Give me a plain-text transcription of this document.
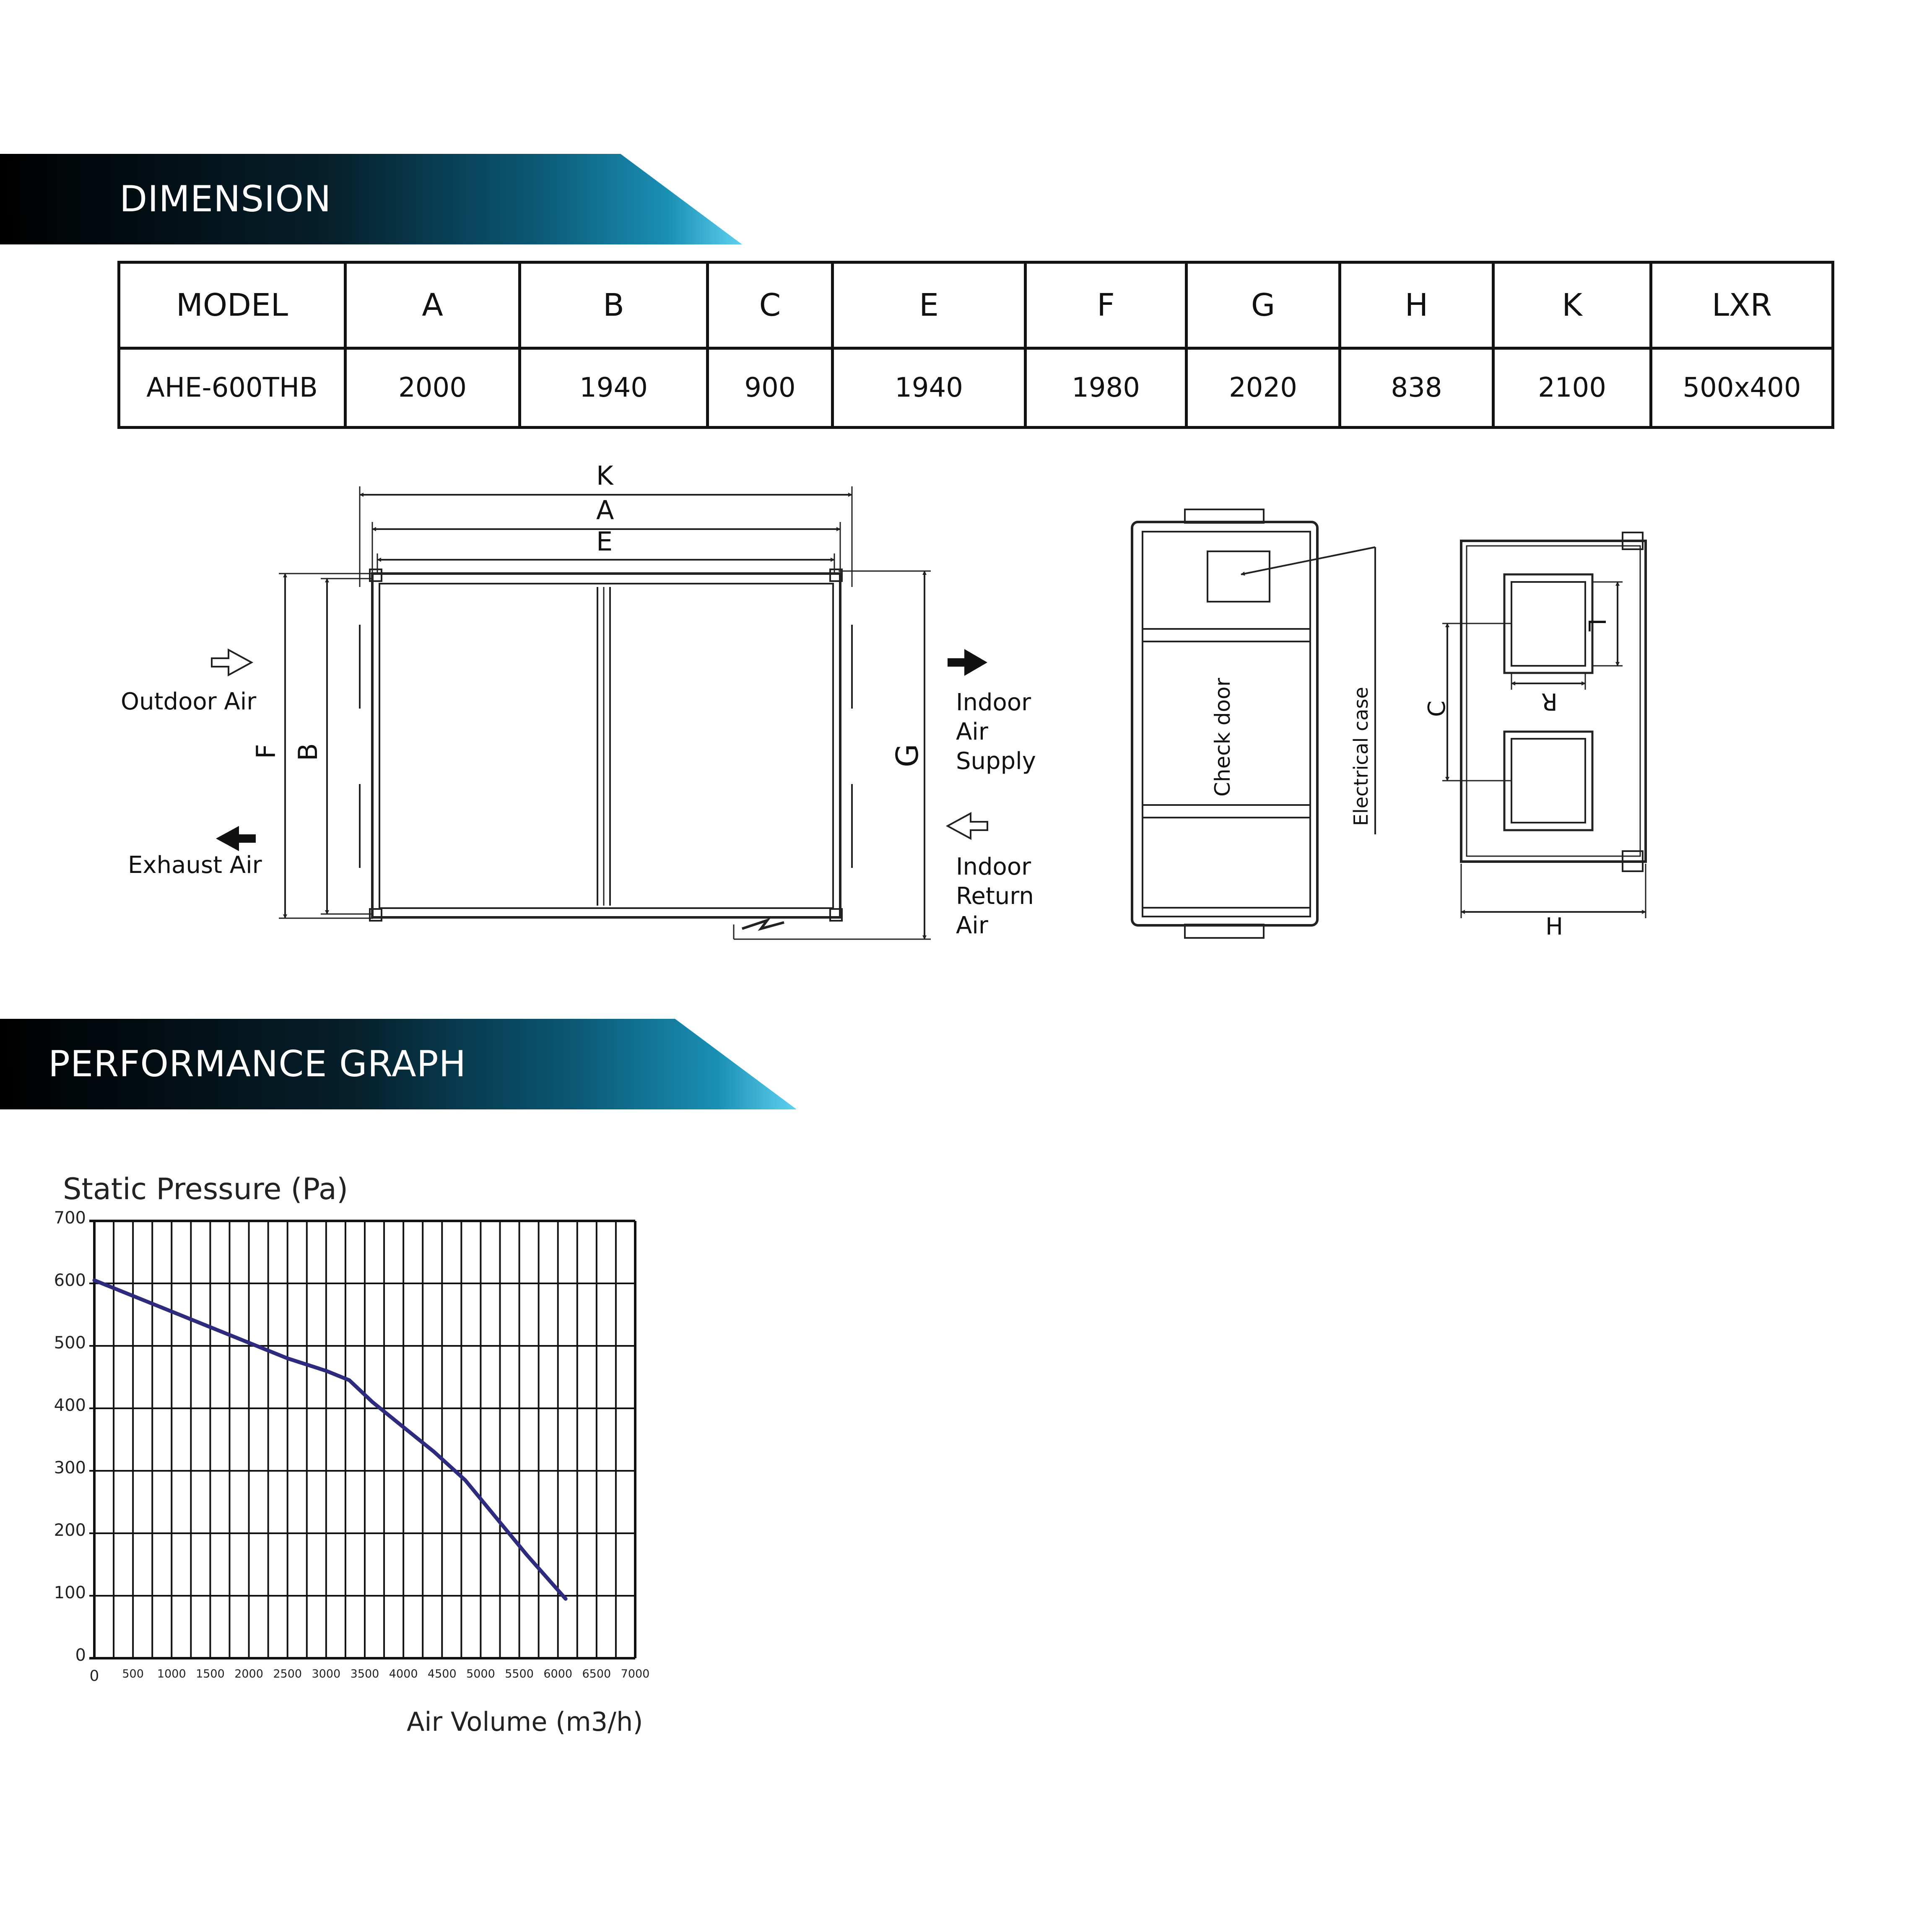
DIMENSION
MODEL	A	B	C	E	F	G	H	K	LXR
AHE-600THB	2000	1940	900	1940	1980	2020	838	2100	500x400
K
A
E
F B	G
Outdoor Air
Exhaust Air
Indoor
Air
Supply
Indoor
Return
Air
Check door	Electrical case
L
R
C
H
PERFORMANCE GRAPH
Static Pressure (Pa)
Air Volume (m3/h)
0
100
200
300
400
500
600
700
0 500 1000 1500 2000 2500 3000 3500 4000 4500 5000 5500 6000 6500 7000
